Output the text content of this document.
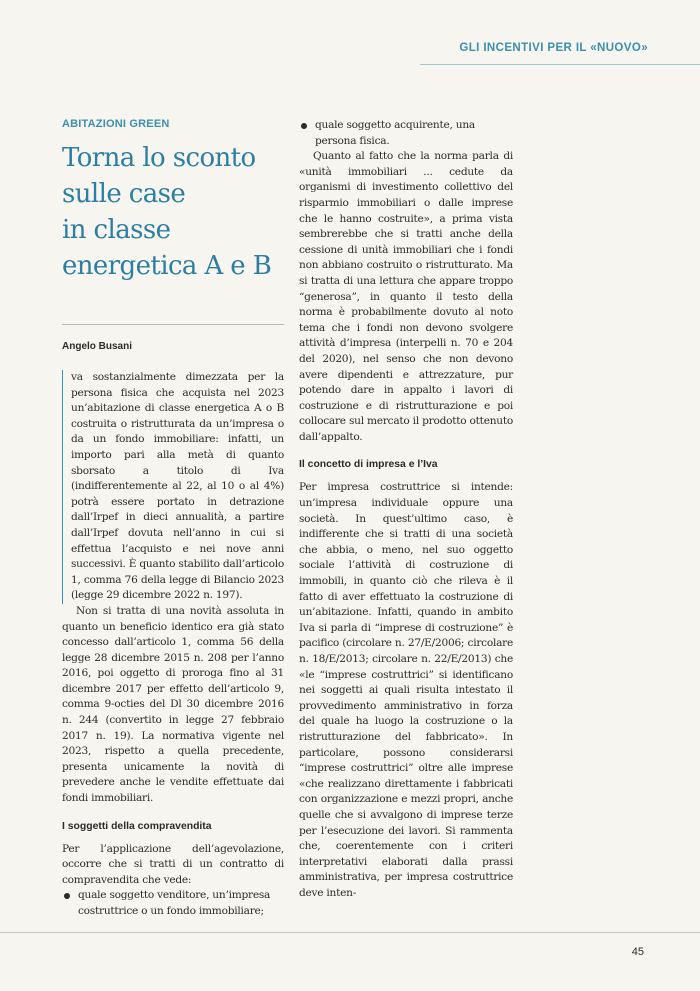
GLI INCENTIVI PER IL «NUOVO»
ABITAZIONI GREEN
Torna lo sconto
sulle case
in classe
energetica A e B
Angelo Busani

va sostanzialmente dimezzata per la persona fisica che acquista nel 2023 un’abitazione di classe energetica A o B costruita o ristrutturata da un’impresa o da un fondo immobiliare: infatti, un importo pari alla metà di quanto sborsato a titolo di Iva (indifferentemente al 22, al 10 o al 4%) potrà essere portato in detrazione dall’Irpef in dieci annualità, a partire dall’Irpef dovuta nell’anno in cui si effettua l’acquisto e nei nove anni successivi. È quanto stabilito dall’articolo 1, comma 76 della legge di Bilancio 2023 (legge 29 dicembre 2022 n. 197).

Non si tratta di una novità assoluta in quanto un beneficio identico era già stato concesso dall’articolo 1, comma 56 della legge 28 dicembre 2015 n. 208 per l’anno 2016, poi oggetto di proroga fino al 31 dicembre 2017 per effetto dell’articolo 9, comma 9-octies del Dl 30 dicembre 2016 n. 244 (convertito in legge 27 febbraio 2017 n. 19). La normativa vigente nel 2023, rispetto a quella precedente, presenta unicamente la novità di prevedere anche le vendite effettuate dai fondi immobiliari.

I soggetti della compravendita

Per l’applicazione dell’agevolazione, occorre che si tratti di un contratto di compravendita che vede:

quale soggetto venditore, un’impresa costruttrice o un fondo immobiliare;
quale soggetto acquirente, una persona fisica.

Quanto al fatto che la norma parla di «unità immobiliari ... cedute da organismi di investimento collettivo del risparmio immobiliari o dalle imprese che le hanno costruite», a prima vista sembrerebbe che si tratti anche della cessione di unità immobiliari che i fondi non abbiano costruito o ristrutturato. Ma si tratta di una lettura che appare troppo “generosa”, in quanto il testo della norma è probabilmente dovuto al noto tema che i fondi non devono svolgere attività d’impresa (interpelli n. 70 e 204 del 2020), nel senso che non devono avere dipendenti e attrezzature, pur potendo dare in appalto i lavori di costruzione e di ristrutturazione e poi collocare sul mercato il prodotto ottenuto dall’appalto.

Il concetto di impresa e l’Iva

Per impresa costruttrice si intende: un’impresa individuale oppure una società. In quest’ultimo caso, è indifferente che si tratti di una società che abbia, o meno, nel suo oggetto sociale l’attività di costruzione di immobili, in quanto ciò che rileva è il fatto di aver effettuato la costruzione di un’abitazione. Infatti, quando in ambito Iva si parla di “imprese di costruzione” è pacifico (circolare n. 27/E/2006; circolare n. 18/E/2013; circolare n. 22/E/2013) che «le “imprese costruttrici” si identificano nei soggetti ai quali risulta intestato il provvedimento amministrativo in forza del quale ha luogo la costruzione o la ristrutturazione del fabbricato». In particolare, possono considerarsi “imprese costruttrici” oltre alle imprese «che realizzano direttamente i fabbricati con organizzazione e mezzi propri, anche quelle che si avvalgono di imprese terze per l’esecuzione dei lavori. Si rammenta che, coerentemente con i criteri interpretativi elaborati dalla prassi amministrativa, per impresa costruttrice deve inten-

45
